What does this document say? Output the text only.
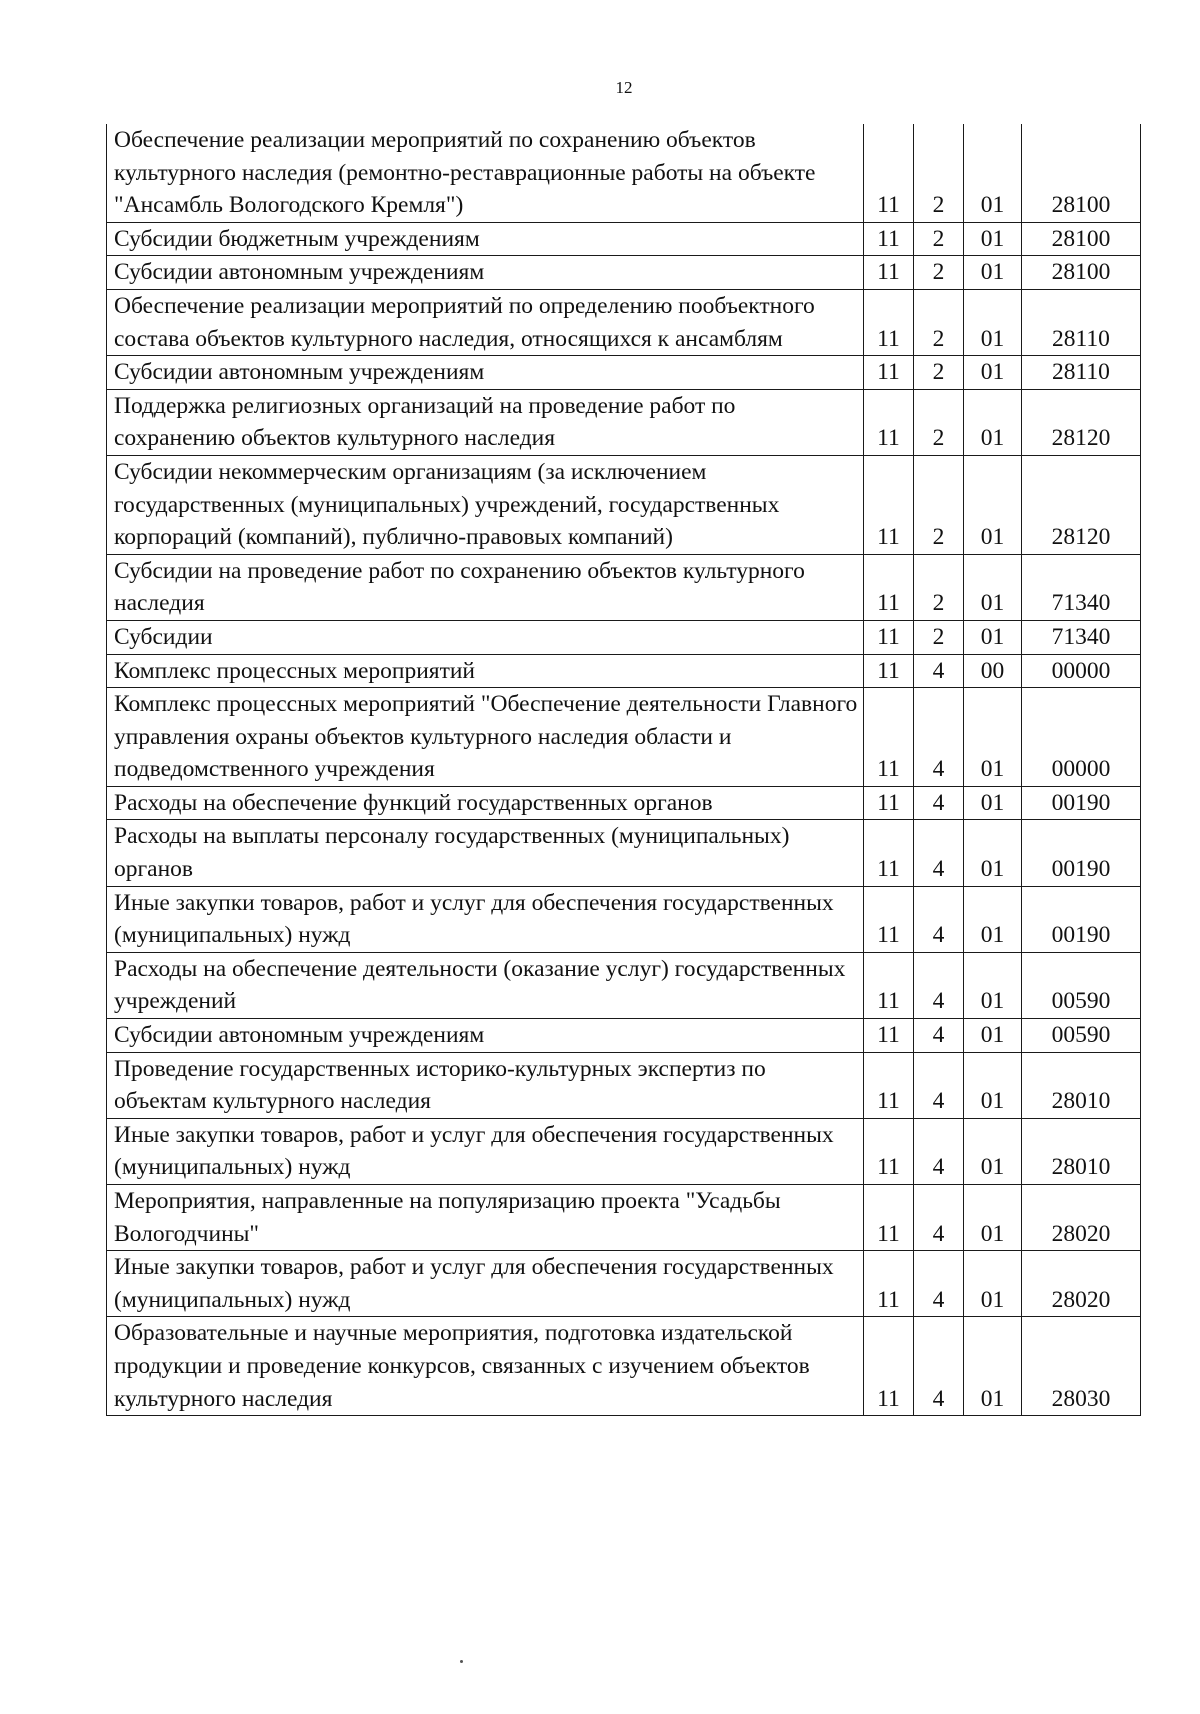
12
Обеспечение реализации мероприятий по сохранению объектов культурного наследия (ремонтно-реставрационные работы на объекте "Ансамбль Вологодского Кремля")	11	2	01	28100
Субсидии бюджетным учреждениям	11	2	01	28100
Субсидии автономным учреждениям	11	2	01	28100
Обеспечение реализации мероприятий по определению пообъектного состава объектов культурного наследия, относящихся к ансамблям	11	2	01	28110
Субсидии автономным учреждениям	11	2	01	28110
Поддержка религиозных организаций на проведение работ по сохранению объектов культурного наследия	11	2	01	28120
Субсидии некоммерческим организациям (за исключением государственных (муниципальных) учреждений, государственных корпораций (компаний), публично-правовых компаний)	11	2	01	28120
Субсидии на проведение работ по сохранению объектов культурного наследия	11	2	01	71340
Субсидии	11	2	01	71340
Комплекс процессных мероприятий	11	4	00	00000
Комплекс процессных мероприятий "Обеспечение деятельности Главного управления охраны объектов культурного наследия области и подведомственного учреждения	11	4	01	00000
Расходы на обеспечение функций государственных органов	11	4	01	00190
Расходы на выплаты персоналу государственных (муниципальных) органов	11	4	01	00190
Иные закупки товаров, работ и услуг для обеспечения государственных (муниципальных) нужд	11	4	01	00190
Расходы на обеспечение деятельности (оказание услуг) государственных учреждений	11	4	01	00590
Субсидии автономным учреждениям	11	4	01	00590
Проведение государственных историко-культурных экспертиз по объектам культурного наследия	11	4	01	28010
Иные закупки товаров, работ и услуг для обеспечения государственных (муниципальных) нужд	11	4	01	28010
Мероприятия, направленные на популяризацию проекта "Усадьбы Вологодчины"	11	4	01	28020
Иные закупки товаров, работ и услуг для обеспечения государственных (муниципальных) нужд	11	4	01	28020
Образовательные и научные мероприятия, подготовка издательской продукции и проведение конкурсов, связанных с изучением объектов культурного наследия	11	4	01	28030
